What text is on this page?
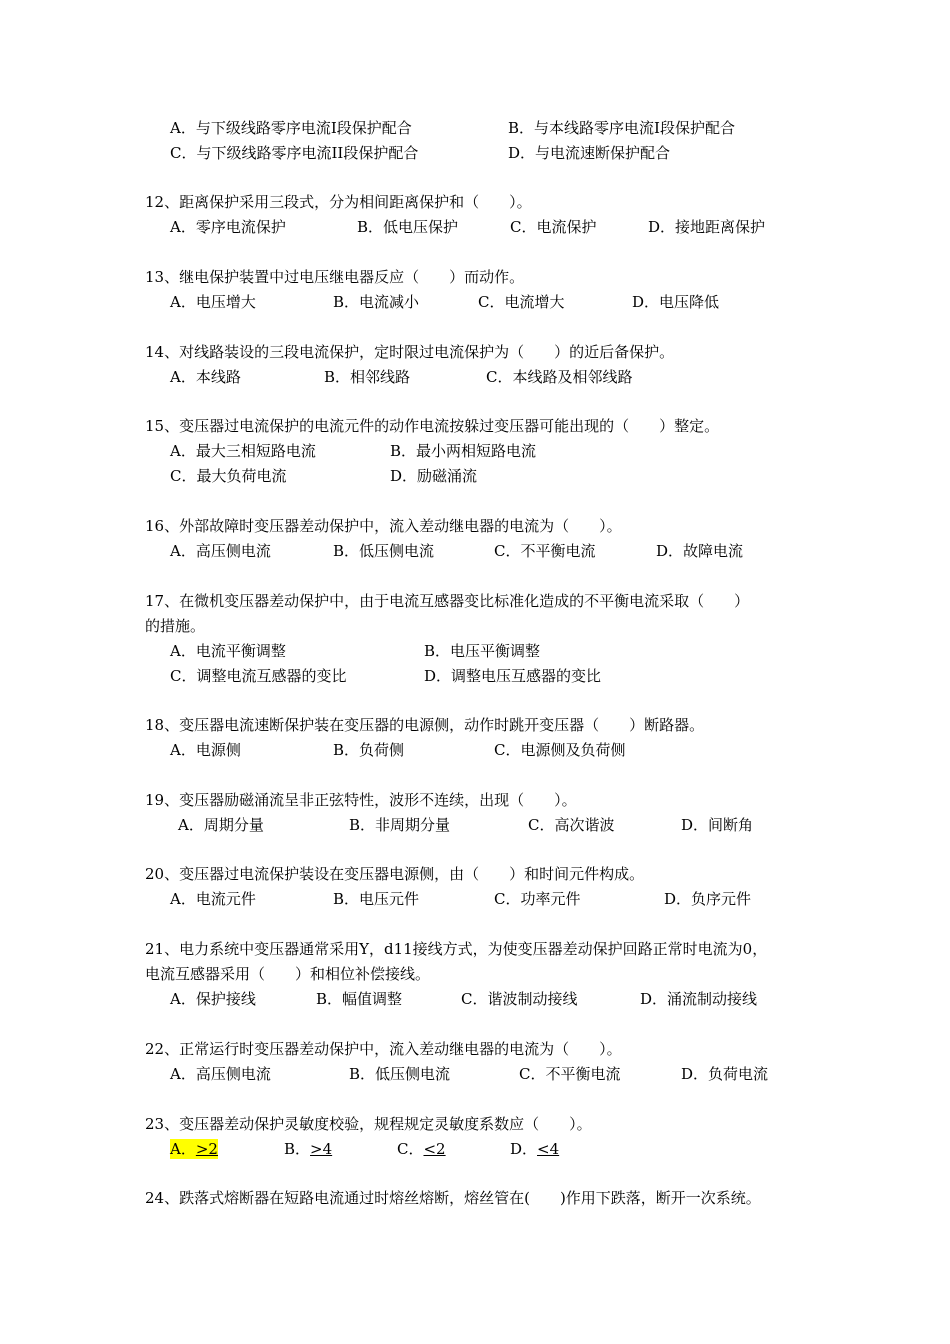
A．与下级线路零序电流I段保护配合	B．与本线路零序电流I段保护配合
C．与下级线路零序电流II段保护配合	D．与电流速断保护配合
12、距离保护采用三段式，分为相间距离保护和（　　）。
A．零序电流保护	B．低电压保护	C．电流保护	D．接地距离保护
13、继电保护装置中过电压继电器反应（　　）而动作。
A．电压增大	B．电流减小	C．电流增大	D．电压降低
14、对线路装设的三段电流保护，定时限过电流保护为（　　）的近后备保护。
A．本线路	B．相邻线路	C．本线路及相邻线路
15、变压器过电流保护的电流元件的动作电流按躲过变压器可能出现的（　　）整定。
A．最大三相短路电流	B．最小两相短路电流
C．最大负荷电流	D．励磁涌流
16、外部故障时变压器差动保护中，流入差动继电器的电流为（　　）。
A．高压侧电流	B．低压侧电流	C．不平衡电流	D．故障电流
17、在微机变压器差动保护中，由于电流互感器变比标准化造成的不平衡电流采取（　　）
的措施。
A．电流平衡调整	B．电压平衡调整
C．调整电流互感器的变比	D．调整电压互感器的变比
18、变压器电流速断保护装在变压器的电源侧，动作时跳开变压器（　　）断路器。
A．电源侧	B．负荷侧	C．电源侧及负荷侧
19、变压器励磁涌流呈非正弦特性，波形不连续，出现（　　）。
A．周期分量	B．非周期分量	C．高次谐波	D．间断角
20、变压器过电流保护装设在变压器电源侧，由（　　）和时间元件构成。
A．电流元件	B．电压元件	C．功率元件	D．负序元件
21、电力系统中变压器通常采用Y，d11接线方式，为使变压器差动保护回路正常时电流为0，
电流互感器采用（　　）和相位补偿接线。
A．保护接线	B．幅值调整	C．谐波制动接线	D．涌流制动接线
22、正常运行时变压器差动保护中，流入差动继电器的电流为（　　）。
A．高压侧电流	B．低压侧电流	C．不平衡电流	D．负荷电流
23、变压器差动保护灵敏度校验，规程规定灵敏度系数应（　　）。
A．>2	B．>4	C．<2	D．<4
24、跌落式熔断器在短路电流通过时熔丝熔断，熔丝管在(　　)作用下跌落，断开一次系统。
